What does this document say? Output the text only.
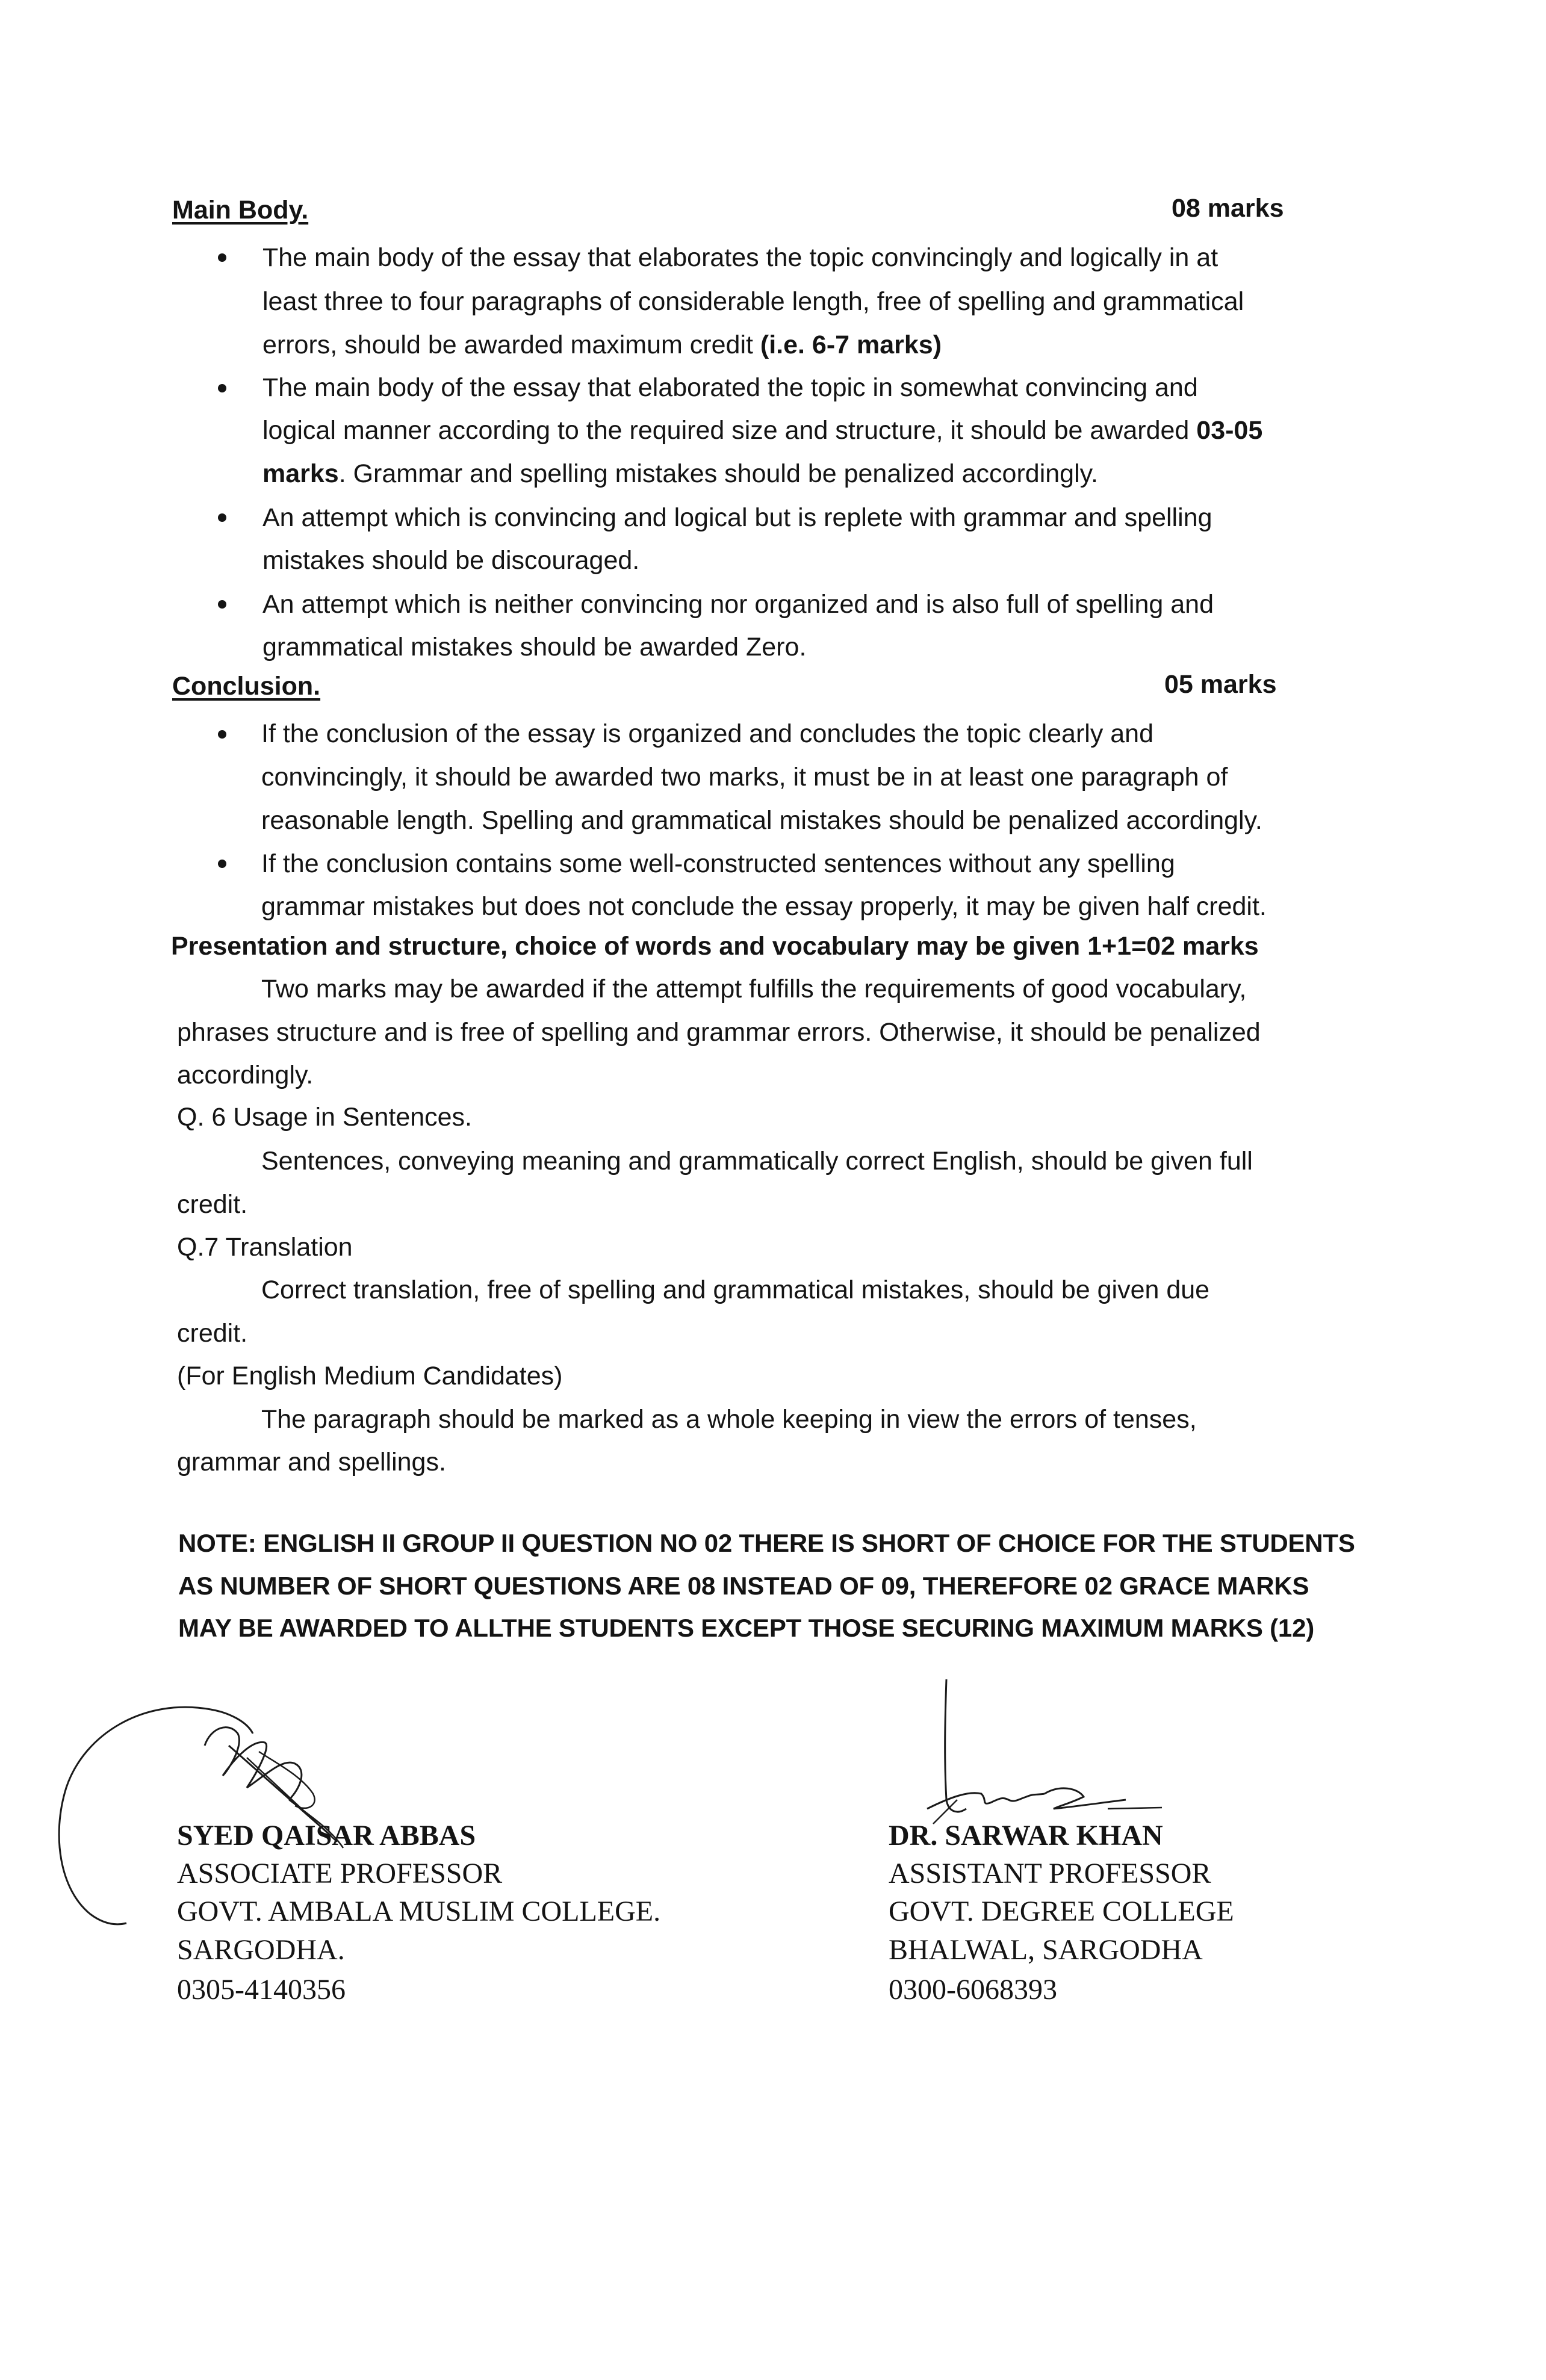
Main Body.	08 marks
The main body of the essay that elaborates the topic convincingly and logically in at
least three to four paragraphs of considerable length, free of spelling and grammatical
errors, should be awarded maximum credit (i.e. 6-7 marks)
The main body of the essay that elaborated the topic in somewhat convincing and
logical manner according to the required size and structure, it should be awarded 03-05
marks. Grammar and spelling mistakes should be penalized accordingly.
An attempt which is convincing and logical but is replete with grammar and spelling
mistakes should be discouraged.
An attempt which is neither convincing nor organized and is also full of spelling and
grammatical mistakes should be awarded Zero.
Conclusion.	05 marks
If the conclusion of the essay is organized and concludes the topic clearly and
convincingly, it should be awarded two marks, it must be in at least one paragraph of
reasonable length. Spelling and grammatical mistakes should be penalized accordingly.
If the conclusion contains some well-constructed sentences without any spelling
grammar mistakes but does not conclude the essay properly, it may be given half credit.
Presentation and structure, choice of words and vocabulary may be given 1+1=02 marks
Two marks may be awarded if the attempt fulfills the requirements of good vocabulary,
phrases structure and is free of spelling and grammar errors. Otherwise, it should be penalized
accordingly.
Q. 6 Usage in Sentences.
Sentences, conveying meaning and grammatically correct English, should be given full
credit.
Q.7 Translation
Correct translation, free of spelling and grammatical mistakes, should be given due
credit.
(For English Medium Candidates)
The paragraph should be marked as a whole keeping in view the errors of tenses,
grammar and spellings.
NOTE: ENGLISH II GROUP II QUESTION NO 02 THERE IS SHORT OF CHOICE FOR THE STUDENTS
AS NUMBER OF SHORT QUESTIONS ARE 08 INSTEAD OF 09, THEREFORE 02 GRACE MARKS
MAY BE AWARDED TO ALLTHE STUDENTS EXCEPT THOSE SECURING MAXIMUM MARKS (12)
SYED QAISAR ABBAS
ASSOCIATE PROFESSOR
GOVT. AMBALA MUSLIM COLLEGE.
SARGODHA.
0305-4140356
DR. SARWAR KHAN
ASSISTANT PROFESSOR
GOVT. DEGREE COLLEGE
BHALWAL, SARGODHA
0300-6068393
